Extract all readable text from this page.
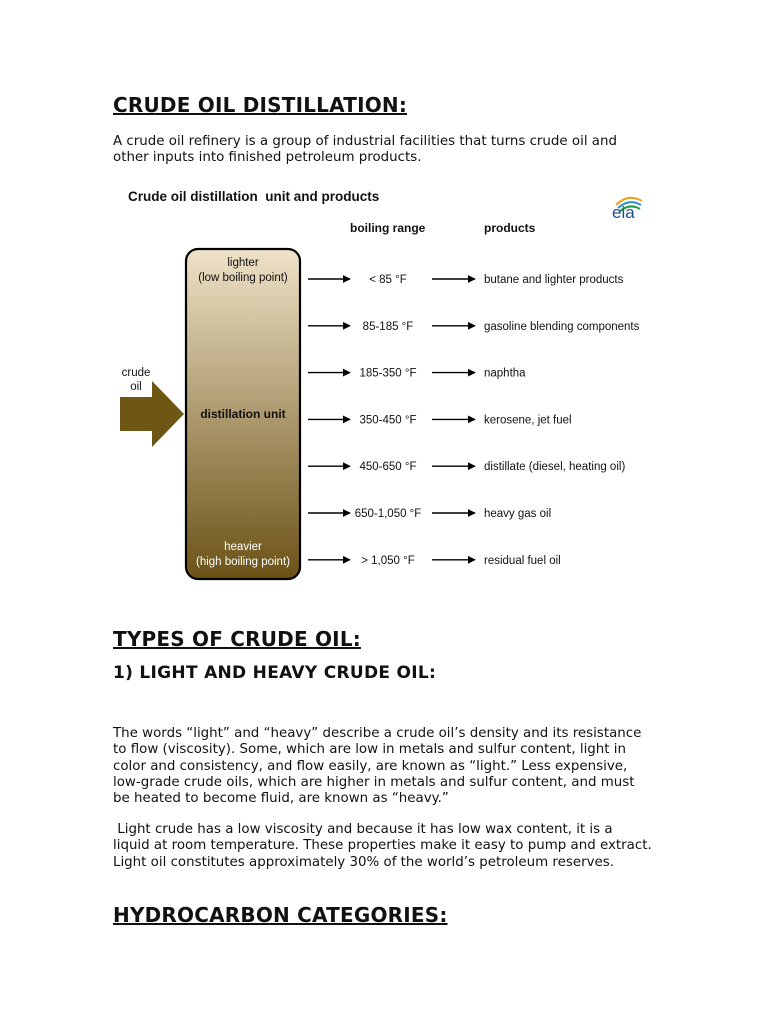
CRUDE OIL DISTILLATION:

A crude oil refinery is a group of industrial facilities that turns crude oil and other inputs into finished petroleum products.

Crude oil distillation  unit and products
eia
boiling range	products
lighter
(low boiling point)
distillation unit
heavier
(high boiling point)
crude
oil
< 85 °F	butane and lighter products
85-185 °F	gasoline blending components
185-350 °F	naphtha
350-450 °F	kerosene, jet fuel
450-650 °F	distillate (diesel, heating oil)
650-1,050 °F	heavy gas oil
> 1,050 °F	residual fuel oil
TYPES OF CRUDE OIL:
1) LIGHT AND HEAVY CRUDE OIL:

The words “light” and “heavy” describe a crude oil’s density and its resistance to flow (viscosity). Some, which are low in metals and sulfur content, light in color and consistency, and flow easily, are known as “light.” Less expensive, low-grade crude oils, which are higher in metals and sulfur content, and must be heated to become fluid, are known as “heavy.”

Light crude has a low viscosity and because it has low wax content, it is a liquid at room temperature. These properties make it easy to pump and extract. Light oil constitutes approximately 30% of the world’s petroleum reserves.

HYDROCARBON CATEGORIES:
